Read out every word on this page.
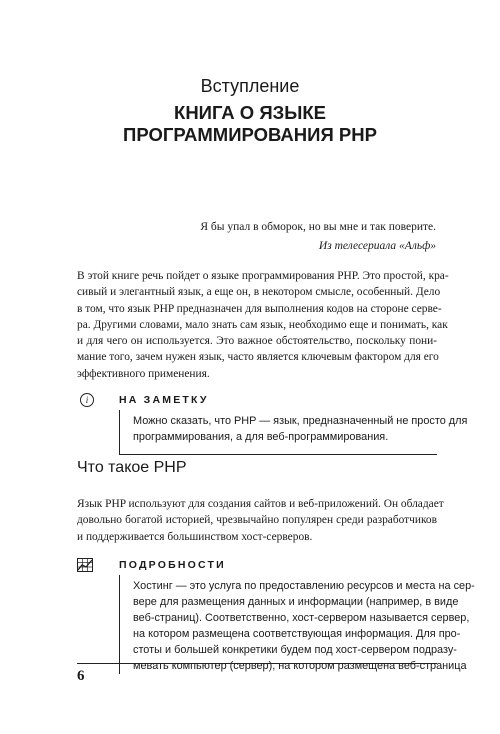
Вступление
КНИГА О ЯЗЫКЕ
ПРОГРАММИРОВАНИЯ PHP
Я бы упал в обморок, но вы мне и так поверите.
Из телесериала «Альф»
В этой книге речь пойдет о языке программирования PHP. Это простой, кра-
сивый и элегантный язык, а еще он, в некотором смысле, особенный. Дело
в том, что язык PHP предназначен для выполнения кодов на стороне серве-
ра. Другими словами, мало знать сам язык, необходимо еще и понимать, как
и для чего он используется. Это важное обстоятельство, поскольку пони-
мание того, зачем нужен язык, часто является ключевым фактором для его
эффективного применения.
i	НА ЗАМЕТКУ
Можно сказать, что PHP — язык, предназначенный не просто для
программирования, а для веб-программирования.
Что такое PHP
Язык PHP используют для создания сайтов и веб-приложений. Он обладает
довольно богатой историей, чрезвычайно популярен среди разработчиков
и поддерживается большинством хост-серверов.
ПОДРОБНОСТИ
Хостинг — это услуга по предоставлению ресурсов и места на сер-
вере для размещения данных и информации (например, в виде
веб-страниц). Соответственно, хост-сервером называется сервер,
на котором размещена соответствующая информация. Для про-
стоты и большей конкретики будем под хост-сервером подразу-
мевать компьютер (сервер), на котором размещена веб-страница
6
